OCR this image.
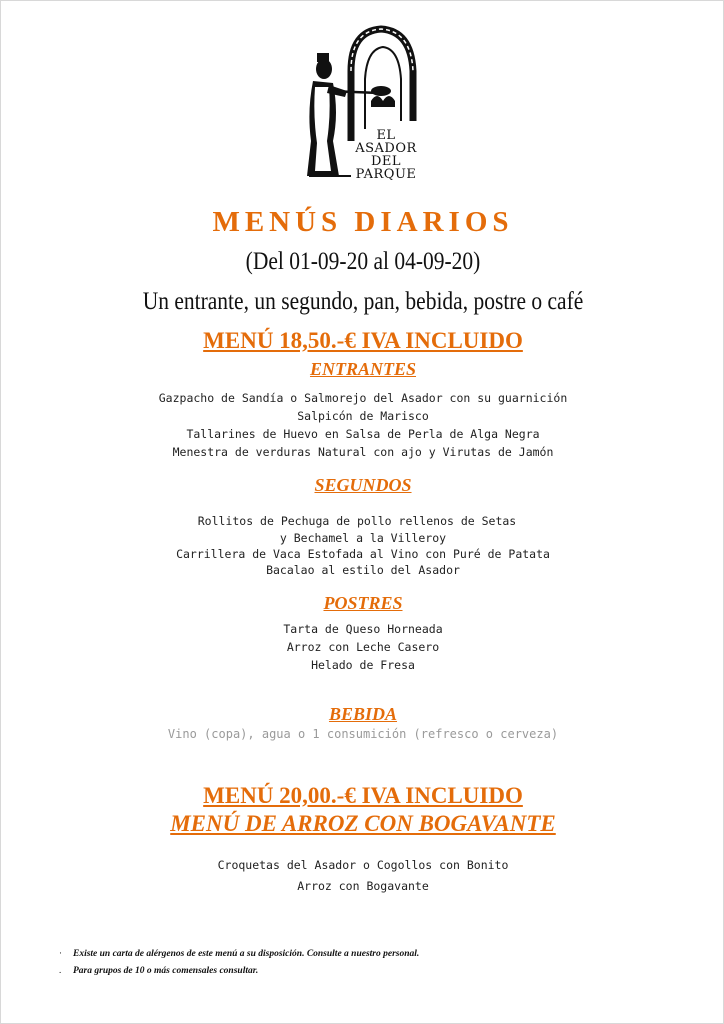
EL
ASADOR
DEL
PARQUE
MENÚS DIARIOS
(Del 01-09-20 al 04-09-20)
Un entrante, un segundo, pan, bebida, postre o café
MENÚ 18,50.-€ IVA INCLUIDO
ENTRANTES
Gazpacho de Sandía o Salmorejo del Asador con su guarnición
Salpicón de Marisco
Tallarines de Huevo en Salsa de Perla de Alga Negra
Menestra de verduras Natural con ajo y Virutas de Jamón
SEGUNDOS
Rollitos de Pechuga de pollo rellenos de Setas
y Bechamel a la Villeroy
Carrillera de Vaca Estofada al Vino con Puré de Patata
Bacalao al estilo del Asador
POSTRES
Tarta de Queso Horneada
Arroz con Leche Casero
Helado de Fresa
BEBIDA
Vino (copa), agua o 1 consumición (refresco o cerveza)
MENÚ 20,00.-€ IVA INCLUIDO
MENÚ DE ARROZ CON BOGAVANTE
Croquetas del Asador o Cogollos con Bonito
Arroz con Bogavante
· Existe un carta de alérgenos de este menú a su disposición. Consulte a nuestro personal.
. Para grupos de 10 o más comensales consultar.
